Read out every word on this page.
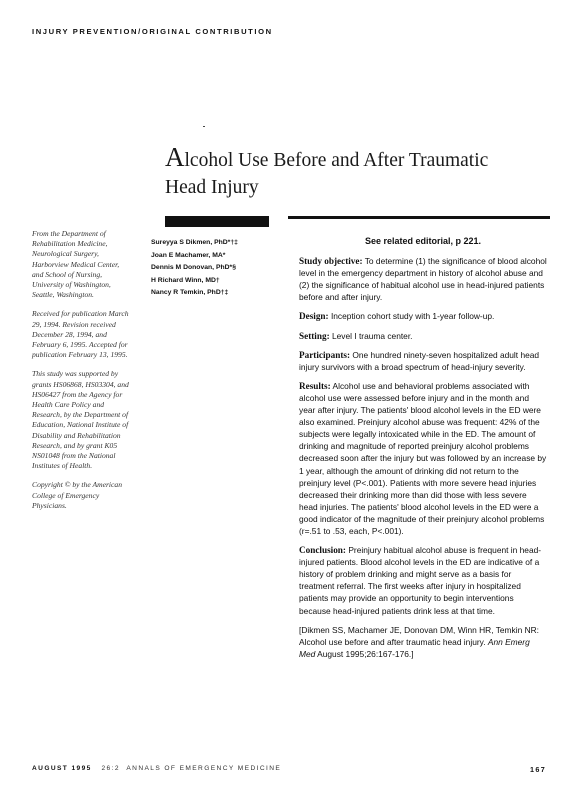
INJURY PREVENTION/ORIGINAL CONTRIBUTION
Alcohol Use Before and After Traumatic
Head Injury

From the Department of Rehabilitation Medicine, Neurological Surgery, Harborview Medical Center, and School of Nursing, University of Washington, Seattle, Washington.

Received for publication March 29, 1994. Revision received December 28, 1994, and February 6, 1995. Accepted for publication February 13, 1995.

This study was supported by grants HS06868, HS03304, and HS06427 from the Agency for Health Care Policy and Research, by the Department of Education, National Institute of Disability and Rehabilitation Research, and by grant K05 NS01048 from the National Institutes of Health.

Copyright © by the American College of Emergency Physicians.

Sureyya S Dikmen, PhD*†‡
Joan E Machamer, MA*
Dennis M Donovan, PhD*§
H Richard Winn, MD†
Nancy R Temkin, PhD†‡
See related editorial, p 221.

Study objective: To determine (1) the significance of blood alcohol level in the emergency department in history of alcohol abuse and (2) the significance of habitual alcohol use in head-injured patients before and after injury.

Design: Inception cohort study with 1-year follow-up.

Setting: Level I trauma center.

Participants: One hundred ninety-seven hospitalized adult head injury survivors with a broad spectrum of head-injury severity.

Results: Alcohol use and behavioral problems associated with alcohol use were assessed before injury and in the month and year after injury. The patients' blood alcohol levels in the ED were also examined. Preinjury alcohol abuse was frequent: 42% of the subjects were legally intoxicated while in the ED. The amount of drinking and magnitude of reported preinjury alcohol problems decreased soon after the injury but was followed by an increase by 1 year, although the amount of drinking did not return to the preinjury level (P<.001). Patients with more severe head injuries decreased their drinking more than did those with less severe head injuries. The patients' blood alcohol levels in the ED were a good indicator of the magnitude of their preinjury alcohol problems (r=.51 to .53, each, P<.001).

Conclusion: Preinjury habitual alcohol abuse is frequent in head-injured patients. Blood alcohol levels in the ED are indicative of a history of problem drinking and might serve as a basis for treatment referral. The first weeks after injury in hospitalized patients may provide an opportunity to begin interventions because head-injured patients drink less at that time.

[Dikmen SS, Machamer JE, Donovan DM, Winn HR, Temkin NR: Alcohol use before and after traumatic head injury. Ann Emerg Med August 1995;26:167-176.]

AUGUST 1995 26:2 ANNALS OF EMERGENCY MEDICINE	167
